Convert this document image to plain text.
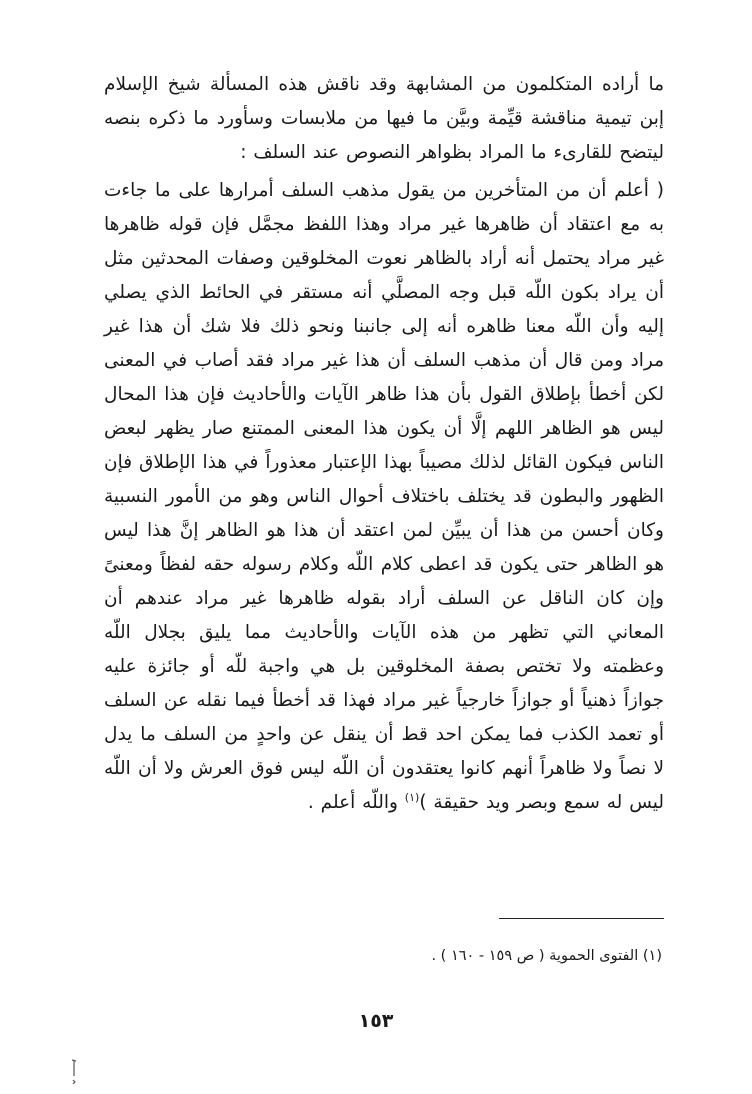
ما أراده المتكلمون من المشابهة وقد ناقش هذه المسألة شيخ الإسلام إبن تيمية مناقشة قيِّمة وبيَّن ما فيها من ملابسات وسأورد ما ذكره بنصه ليتضح للقارىء ما المراد بظواهر النصوص عند السلف :

( أعلم أن من المتأخرين من يقول مذهب السلف أمرارها على ما جاءت به مع اعتقاد أن ظاهرها غير مراد وهذا اللفظ مجمَّل فإن قوله ظاهرها غير مراد يحتمل أنه أراد بالظاهر نعوت المخلوقين وصفات المحدثين مثل أن يراد بكون اللّه قبل وجه المصلَّي أنه مستقر في الحائط الذي يصلي إليه وأن اللّه معنا ظاهره أنه إلى جانبنا ونحو ذلك فلا شك أن هذا غير مراد ومن قال أن مذهب السلف أن هذا غير مراد فقد أصاب في المعنى لكن أخطأ بإطلاق القول بأن هذا ظاهر الآيات والأحاديث فإن هذا المحال ليس هو الظاهر اللهم إلَّا أن يكون هذا المعنى الممتنع صار يظهر لبعض الناس فيكون القائل لذلك مصيباً بهذا الإعتبار معذوراً في هذا الإطلاق فإن الظهور والبطون قد يختلف باختلاف أحوال الناس وهو من الأمور النسبية وكان أحسن من هذا أن يبيِّن لمن اعتقد أن هذا هو الظاهر إنَّ هذا ليس هو الظاهر حتى يكون قد اعطى كلام اللّه وكلام رسوله حقه لفظاً ومعنىً وإن كان الناقل عن السلف أراد بقوله ظاهرها غير مراد عندهم أن المعاني التي تظهر من هذه الآيات والأحاديث مما يليق بجلال اللّه وعظمته ولا تختص بصفة المخلوقين بل هي واجبة للّه أو جائزة عليه جوازاً ذهنياً أو جوازاً خارجياً غير مراد فهذا قد أخطأ فيما نقله عن السلف أو تعمد الكذب فما يمكن احد قط أن ينقل عن واحدٍ من السلف ما يدل لا نصاً ولا ظاهراً أنهم كانوا يعتقدون أن اللّه ليس فوق العرش ولا أن اللّه ليس له سمع وبصر ويد حقيقة )$^{(١)}$ واللّه أعلم .

(١) الفتوى الحموية ( ص ١٥٩ - ١٦٠ ) .
١٥٣
